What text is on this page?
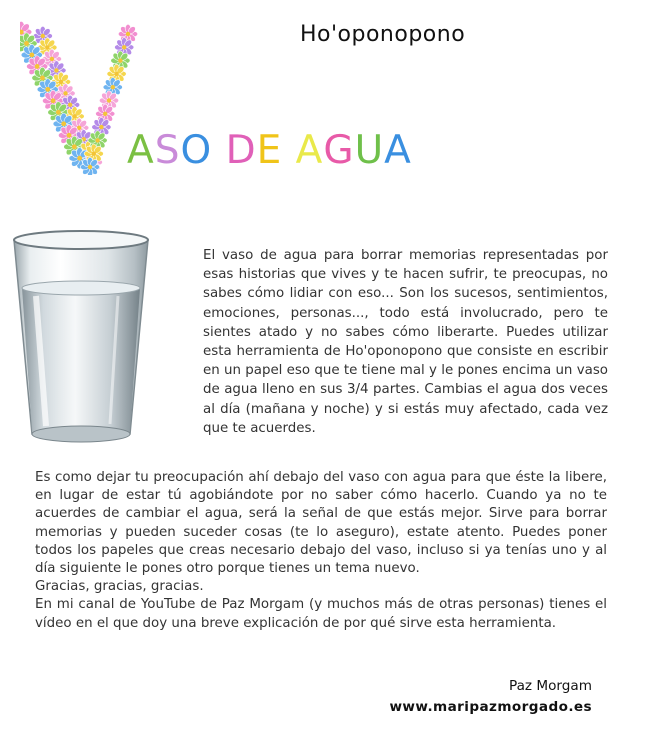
Ho'oponopono
ASO DE AGUA
El vaso de agua para borrar memorias representadas por esas historias que vives y te hacen sufrir, te preocupas, no sabes cómo lidiar con eso... Son los sucesos, sentimientos, emociones, personas..., todo está involucrado, pero te sientes atado y no sabes cómo liberarte. Puedes utilizar esta herramienta de Ho'oponopono que consiste en escribir en un papel eso que te tiene mal y le pones encima un vaso de agua lleno en sus 3/4 partes. Cambias el agua dos veces al día (mañana y noche) y si estás muy afectado, cada vez que te acuerdes.
Es como dejar tu preocupación ahí debajo del vaso con agua para que éste la libere, en lugar de estar tú agobiándote por no saber cómo hacerlo. Cuando ya no te acuerdes de cambiar el agua, será la señal de que estás mejor. Sirve para borrar memorias y pueden suceder cosas (te lo aseguro), estate atento. Puedes poner todos los papeles que creas necesario debajo del vaso, incluso si ya tenías uno y al día siguiente le pones otro porque tienes un tema nuevo.
Gracias, gracias, gracias.
En mi canal de YouTube de Paz Morgam (y muchos más de otras personas) tienes el vídeo en el que doy una breve explicación de por qué sirve esta herramienta.
Paz Morgam
www.maripazmorgado.es
